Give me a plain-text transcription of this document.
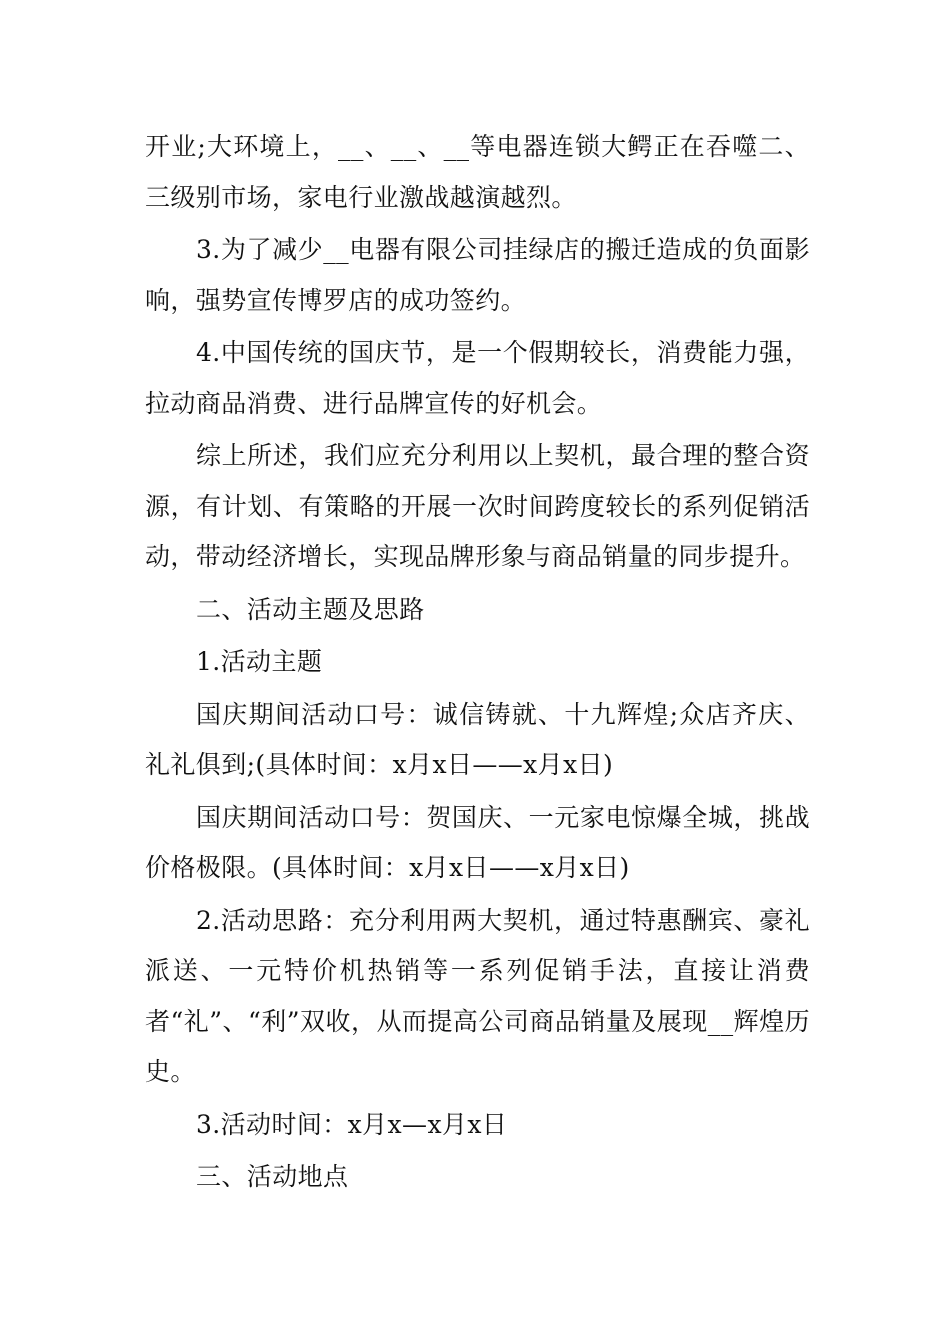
开业;大环境上，__、__、__等电器连锁大鳄正在吞噬二、三级别市场，家电行业激战越演越烈。

3.为了减少__电器有限公司挂绿店的搬迁造成的负面影响，强势宣传博罗店的成功签约。

4.中国传统的国庆节，是一个假期较长，消费能力强，拉动商品消费、进行品牌宣传的好机会。

综上所述，我们应充分利用以上契机，最合理的整合资源，有计划、有策略的开展一次时间跨度较长的系列促销活动，带动经济增长，实现品牌形象与商品销量的同步提升。

二、活动主题及思路

1.活动主题

国庆期间活动口号：诚信铸就、十九辉煌;众店齐庆、礼礼俱到;(具体时间：x月x日——x月x日)

国庆期间活动口号：贺国庆、一元家电惊爆全城，挑战价格极限。(具体时间：x月x日——x月x日)

2.活动思路：充分利用两大契机，通过特惠酬宾、豪礼派送、一元特价机热销等一系列促销手法，直接让消费者“礼”、“利”双收，从而提高公司商品销量及展现__辉煌历史。

3.活动时间：x月x—x月x日

三、活动地点
